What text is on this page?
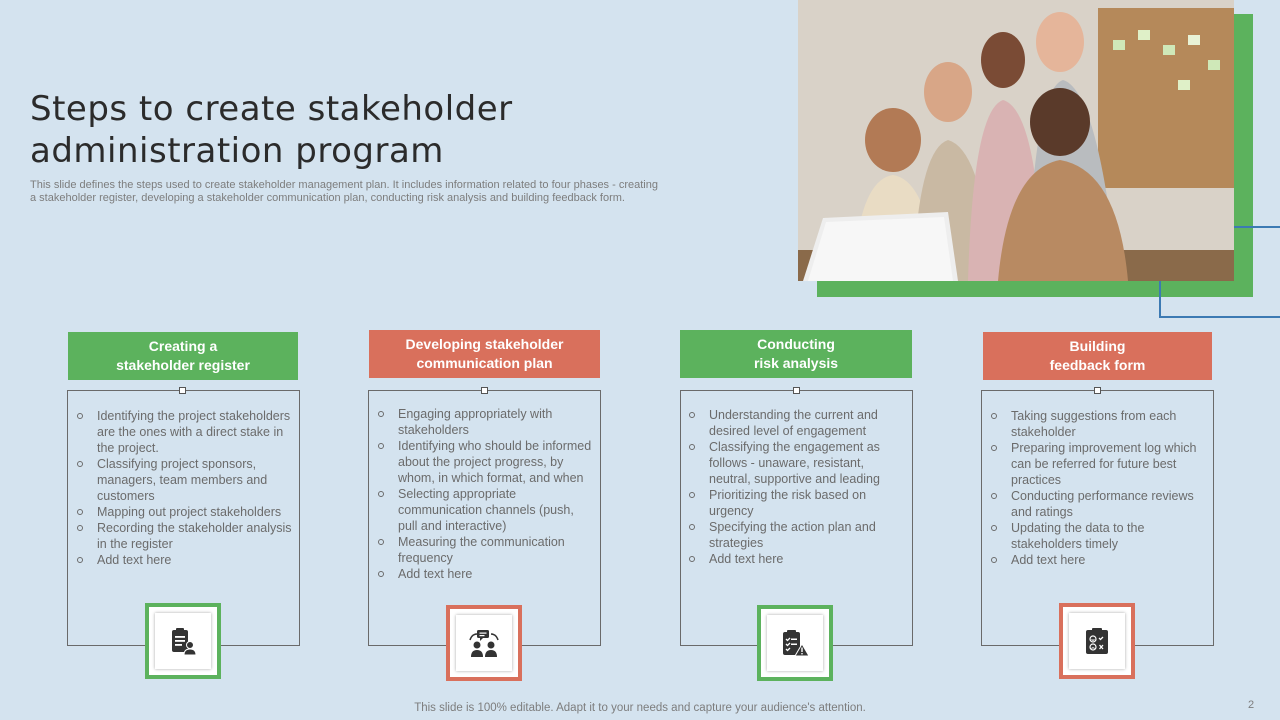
Steps to create stakeholder administration program

This slide defines the steps used to create stakeholder management plan. It includes information related to four phases - creating a stakeholder register, developing a stakeholder communication plan, conducting risk analysis and building feedback form.

Creating a
stakeholder register
Identifying the project stakeholders are the ones with a direct stake in the project.
Classifying project sponsors, managers, team members and customers
Mapping out project stakeholders
Recording the stakeholder analysis in the register
Add text here
Developing stakeholder
communication plan
Engaging appropriately with stakeholders
Identifying who should be informed about the project progress, by whom, in which format, and when
Selecting appropriate communication channels (push, pull and interactive)
Measuring the communication frequency
Add text here
Conducting
risk analysis
Understanding the current and desired level of engagement
Classifying the engagement as follows - unaware, resistant, neutral, supportive and leading
Prioritizing the risk based on urgency
Specifying the action plan and strategies
Add text here
Building
feedback form
Taking suggestions from each stakeholder
Preparing improvement log which can be referred for future best practices
Conducting performance reviews and ratings
Updating the data to the stakeholders timely
Add text here

This slide is 100% editable. Adapt it to your needs and capture your audience's attention.	2
